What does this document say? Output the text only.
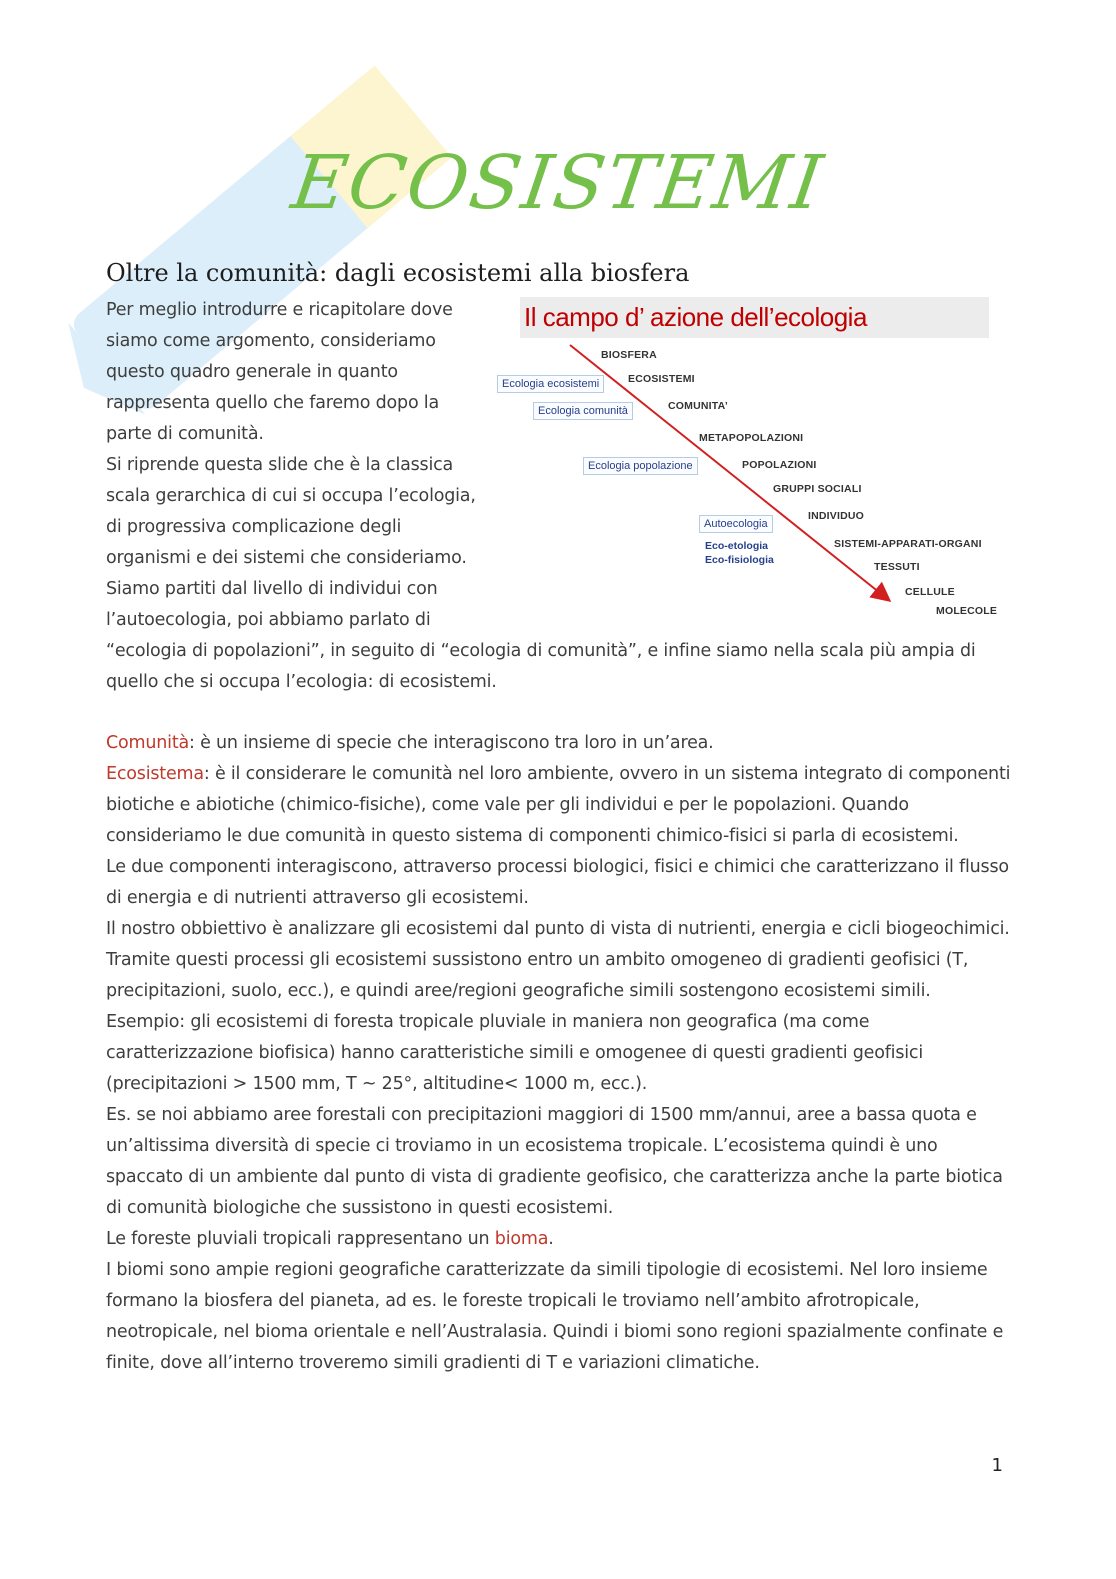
ECOSISTEMI
Oltre la comunità: dagli ecosistemi alla biosfera

Per meglio introdurre e ricapitolare dove

siamo come argomento, consideriamo

questo quadro generale in quanto

rappresenta quello che faremo dopo la

parte di comunità.

Si riprende questa slide che è la classica

scala gerarchica di cui si occupa l’ecologia,

di progressiva complicazione degli

organismi e dei sistemi che consideriamo.

Siamo partiti dal livello di individui con

l’autoecologia, poi abbiamo parlato di

Il campo d’ azione dell’ecologia
BIOSFERA
ECOSISTEMI
COMUNITA’
METAPOPOLAZIONI
POPOLAZIONI
GRUPPI SOCIALI
INDIVIDUO
SISTEMI-APPARATI-ORGANI
TESSUTI
CELLULE
MOLECOLE
Ecologia ecosistemi
Ecologia comunità
Ecologia popolazione
Autoecologia
Eco-etologia
Eco-fisiologia

“ecologia di popolazioni”, in seguito di “ecologia di comunità”, e infine siamo nella scala più ampia di quello che si occupa l’ecologia: di ecosistemi.

Comunità: è un insieme di specie che interagiscono tra loro in un’area.

Ecosistema: è il considerare le comunità nel loro ambiente, ovvero in un sistema integrato di componenti biotiche e abiotiche (chimico-fisiche), come vale per gli individui e per le popolazioni. Quando consideriamo le due comunità in questo sistema di componenti chimico-fisici si parla di ecosistemi.

Le due componenti interagiscono, attraverso processi biologici, fisici e chimici che caratterizzano il flusso di energia e di nutrienti attraverso gli ecosistemi.

Il nostro obbiettivo è analizzare gli ecosistemi dal punto di vista di nutrienti, energia e cicli biogeochimici.

Tramite questi processi gli ecosistemi sussistono entro un ambito omogeneo di gradienti geofisici (T, precipitazioni, suolo, ecc.), e quindi aree/regioni geografiche simili sostengono ecosistemi simili.

Esempio: gli ecosistemi di foresta tropicale pluviale in maniera non geografica (ma come caratterizzazione biofisica) hanno caratteristiche simili e omogenee di questi gradienti geofisici (precipitazioni > 1500 mm, T ~ 25°, altitudine< 1000 m, ecc.).

Es. se noi abbiamo aree forestali con precipitazioni maggiori di 1500 mm/annui, aree a bassa quota e un’altissima diversità di specie ci troviamo in un ecosistema tropicale. L’ecosistema quindi è uno spaccato di un ambiente dal punto di vista di gradiente geofisico, che caratterizza anche la parte biotica di comunità biologiche che sussistono in questi ecosistemi.

Le foreste pluviali tropicali rappresentano un bioma.

I biomi sono ampie regioni geografiche caratterizzate da simili tipologie di ecosistemi. Nel loro insieme formano la biosfera del pianeta, ad es. le foreste tropicali le troviamo nell’ambito afrotropicale, neotropicale, nel bioma orientale e nell’Australasia. Quindi i biomi sono regioni spazialmente confinate e finite, dove all’interno troveremo simili gradienti di T e variazioni climatiche.

1
